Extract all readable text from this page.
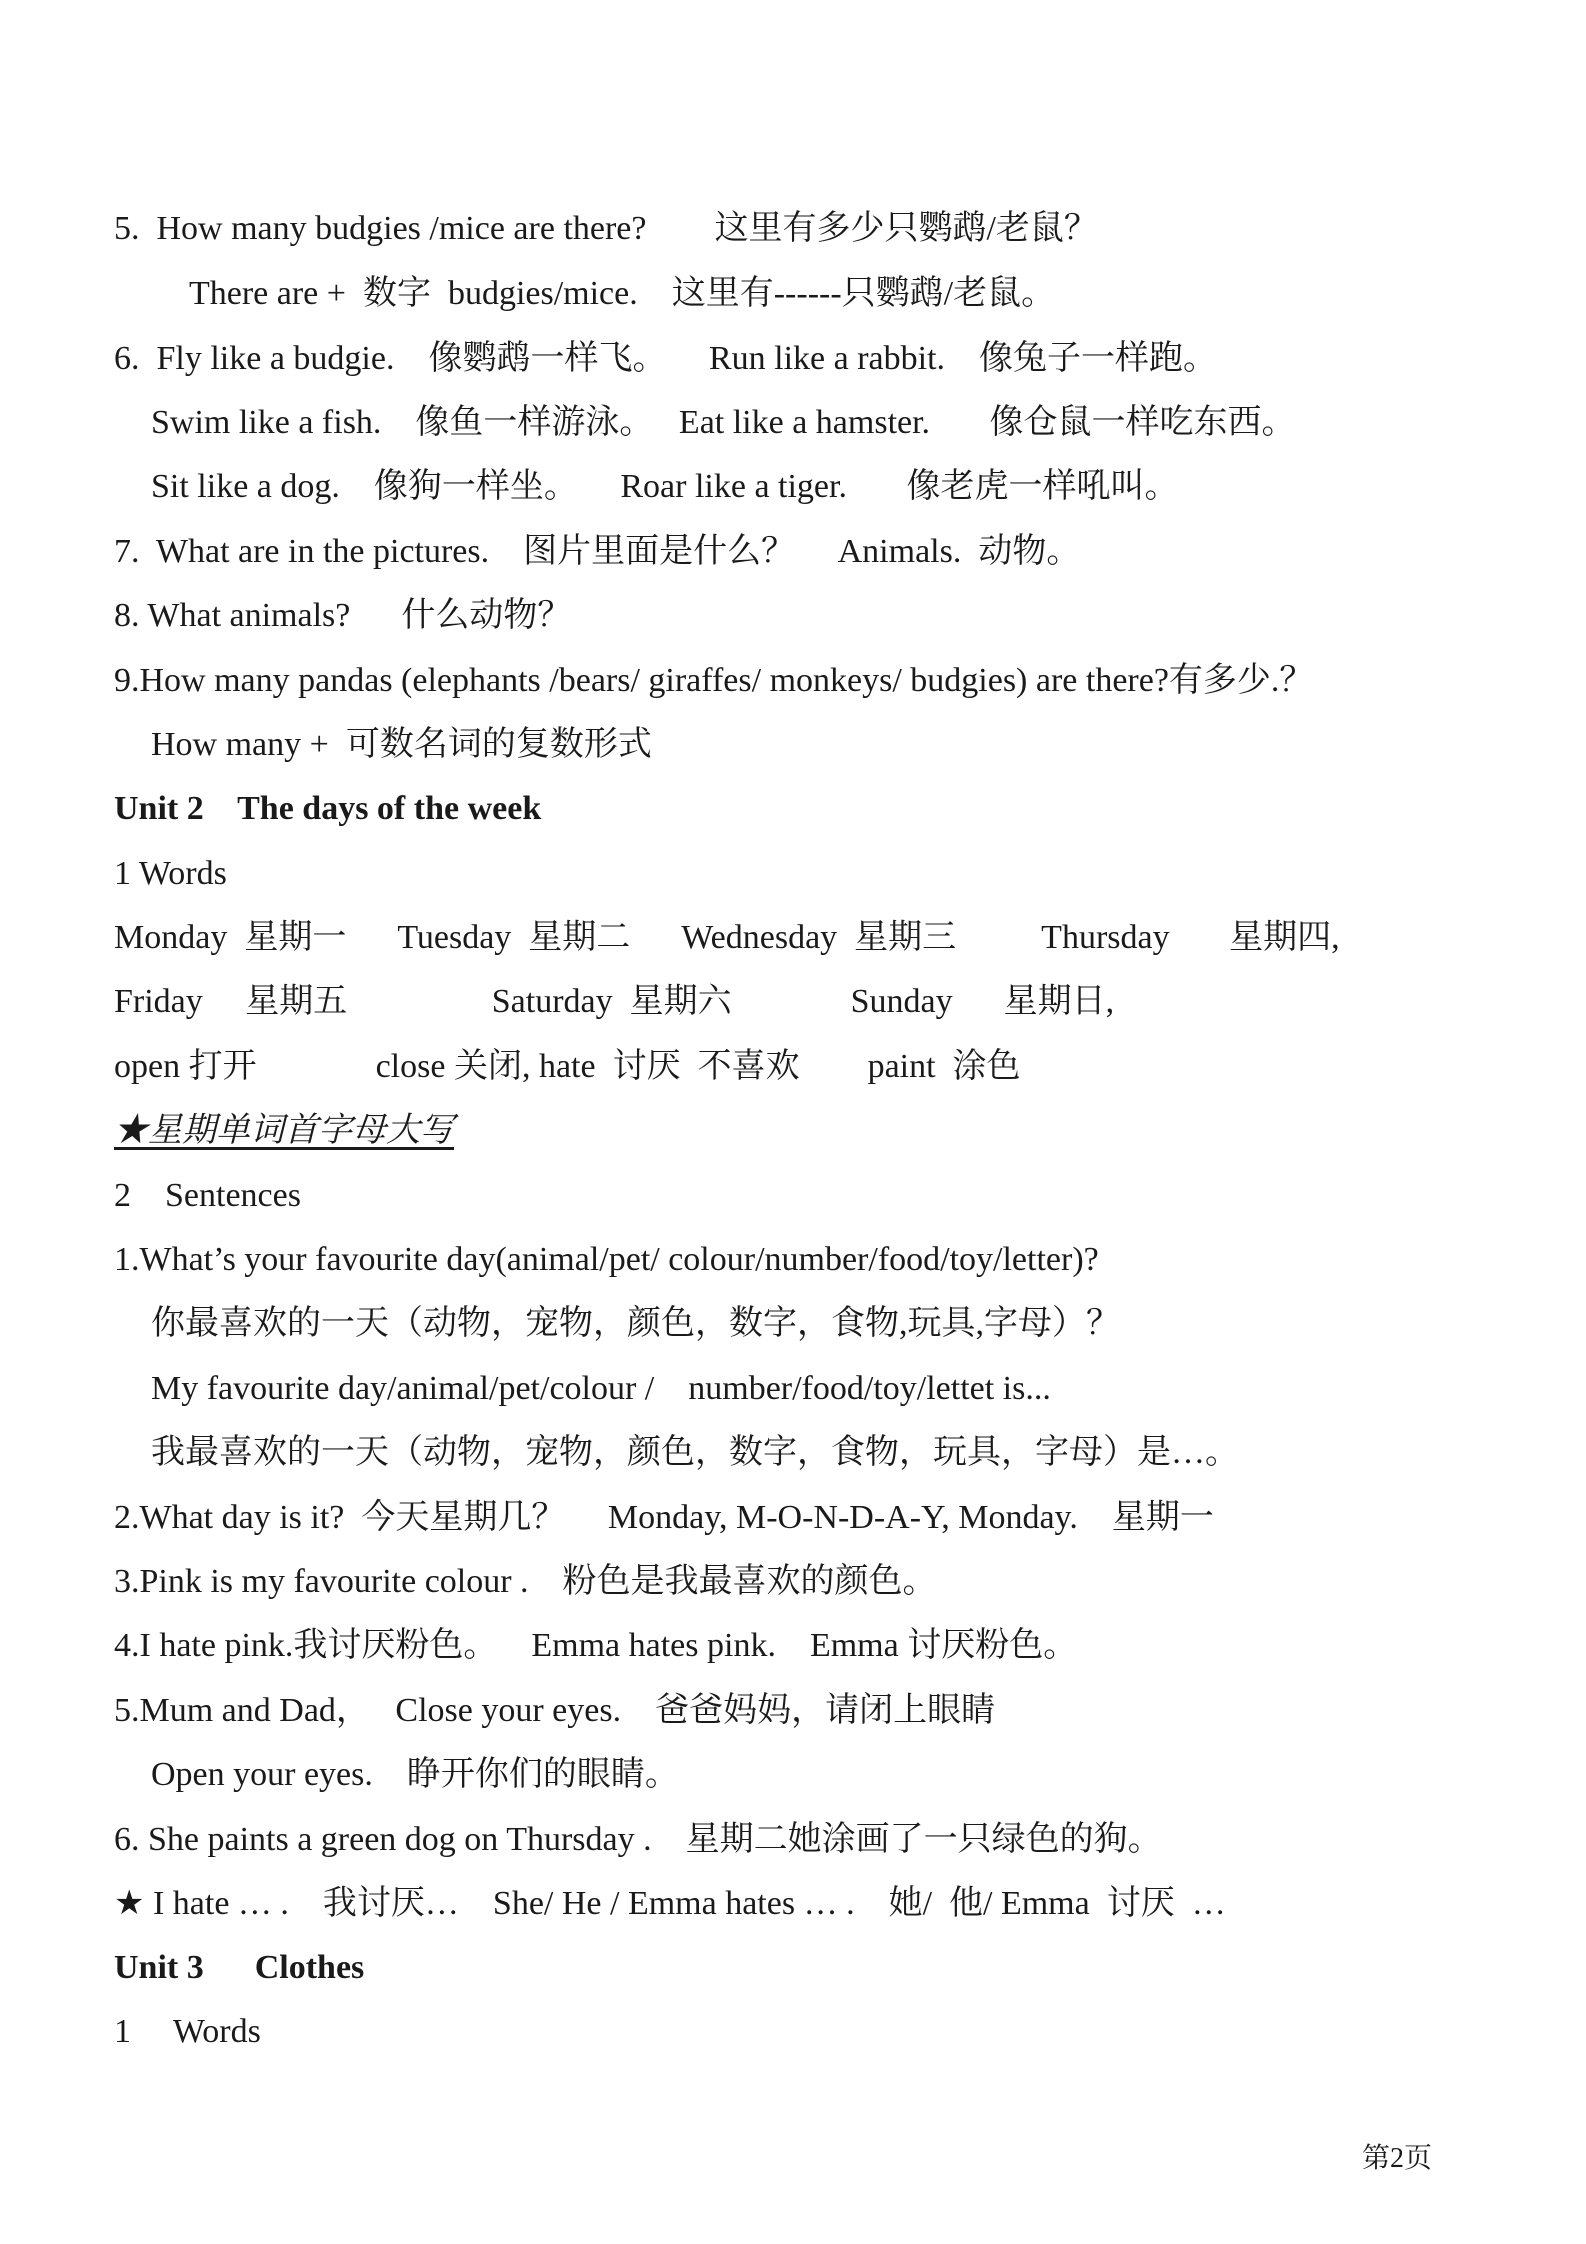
5.  How many budgies /mice are there?        这里有多少只鹦鹉/老鼠？
There are +  数字  budgies/mice.    这里有------只鹦鹉/老鼠。
6.  Fly like a budgie.    像鹦鹉一样飞。     Run like a rabbit.    像兔子一样跑。
Swim like a fish.    像鱼一样游泳。   Eat like a hamster.       像仓鼠一样吃东西。
Sit like a dog.    像狗一样坐。     Roar like a tiger.       像老虎一样吼叫。
7.  What are in the pictures.    图片里面是什么？     Animals.  动物。
8. What animals?      什么动物？
9.How many pandas (elephants /bears/ giraffes/ monkeys/ budgies) are there?有多少.？
How many +  可数名词的复数形式
Unit 2    The days of the week
1 Words
Monday  星期一      Tuesday  星期二      Wednesday  星期三          Thursday       星期四,
Friday     星期五                 Saturday  星期六              Sunday      星期日,
open 打开              close 关闭, hate  讨厌  不喜欢        paint  涂色
★星期单词首字母大写
2    Sentences
1.What’s your favourite day(animal/pet/ colour/number/food/toy/letter)?
你最喜欢的一天（动物，宠物，颜色，数字，食物,玩具,字母）？
My favourite day/animal/pet/colour /    number/food/toy/lettet is...
我最喜欢的一天（动物，宠物，颜色，数字，食物，玩具，字母）是…。
2.What day is it?  今天星期几？     Monday, M-O-N-D-A-Y, Monday.    星期一
3.Pink is my favourite colour .    粉色是我最喜欢的颜色。
4.I hate pink.我讨厌粉色。    Emma hates pink.    Emma 讨厌粉色。
5.Mum and Dad，   Close your eyes.    爸爸妈妈，请闭上眼睛
Open your eyes.    睁开你们的眼睛。
6. She paints a green dog on Thursday .    星期二她涂画了一只绿色的狗。
★ I hate … .    我讨厌…    She/ He / Emma hates … .    她/  他/ Emma  讨厌  …
Unit 3      Clothes
1     Words
第2页
